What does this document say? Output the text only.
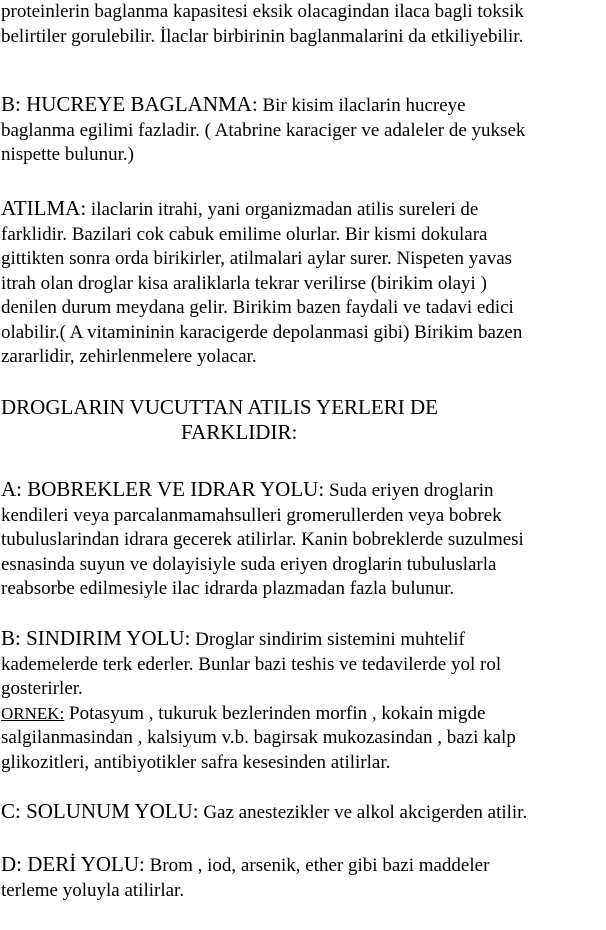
proteinlerin baglanma kapasitesi eksik olacagindan ilaca bagli toksik
belirtiler gorulebilir. İlaclar birbirinin baglanmalarini da etkiliyebilir.
B: HUCREYE BAGLANMA: Bir kisim ilaclarin hucreye
baglanma egilimi fazladir. ( Atabrine karaciger ve adaleler de yuksek
nispette bulunur.)
ATILMA: ilaclarin itrahi, yani organizmadan atilis sureleri de
farklidir. Bazilari cok cabuk emilime olurlar. Bir kismi dokulara
gittikten sonra orda birikirler, atilmalari aylar surer. Nispeten yavas
itrah olan droglar kisa araliklarla tekrar verilirse (birikim olayi )
denilen durum meydana gelir. Birikim bazen faydali ve tadavi edici
olabilir.( A vitamininin karacigerde depolanmasi gibi) Birikim bazen
zararlidir, zehirlenmelere yolacar.
DROGLARIN VUCUTTAN ATILIS YERLERI DE
FARKLIDIR:
A: BOBREKLER VE IDRAR YOLU: Suda eriyen droglarin
kendileri veya parcalanmamahsulleri gromerullerden veya bobrek
tubuluslarindan idrara gecerek atilirlar. Kanin bobreklerde suzulmesi
esnasinda suyun ve dolayisiyle suda eriyen droglarin tubuluslarla
reabsorbe edilmesiyle ilac idrarda plazmadan fazla bulunur.
B: SINDIRIM YOLU: Droglar sindirim sistemini muhtelif
kademelerde terk ederler. Bunlar bazi teshis ve tedavilerde yol rol
gosterirler.
ORNEK: Potasyum , tukuruk bezlerinden morfin , kokain migde
salgilanmasindan , kalsiyum v.b. bagirsak mukozasindan , bazi kalp
glikozitleri, antibiyotikler safra kesesinden atilirlar.
C: SOLUNUM YOLU: Gaz anestezikler ve alkol akcigerden atilir.
D: DERİ YOLU: Brom , iod, arsenik, ether gibi bazi maddeler
terleme yoluyla atilirlar.
